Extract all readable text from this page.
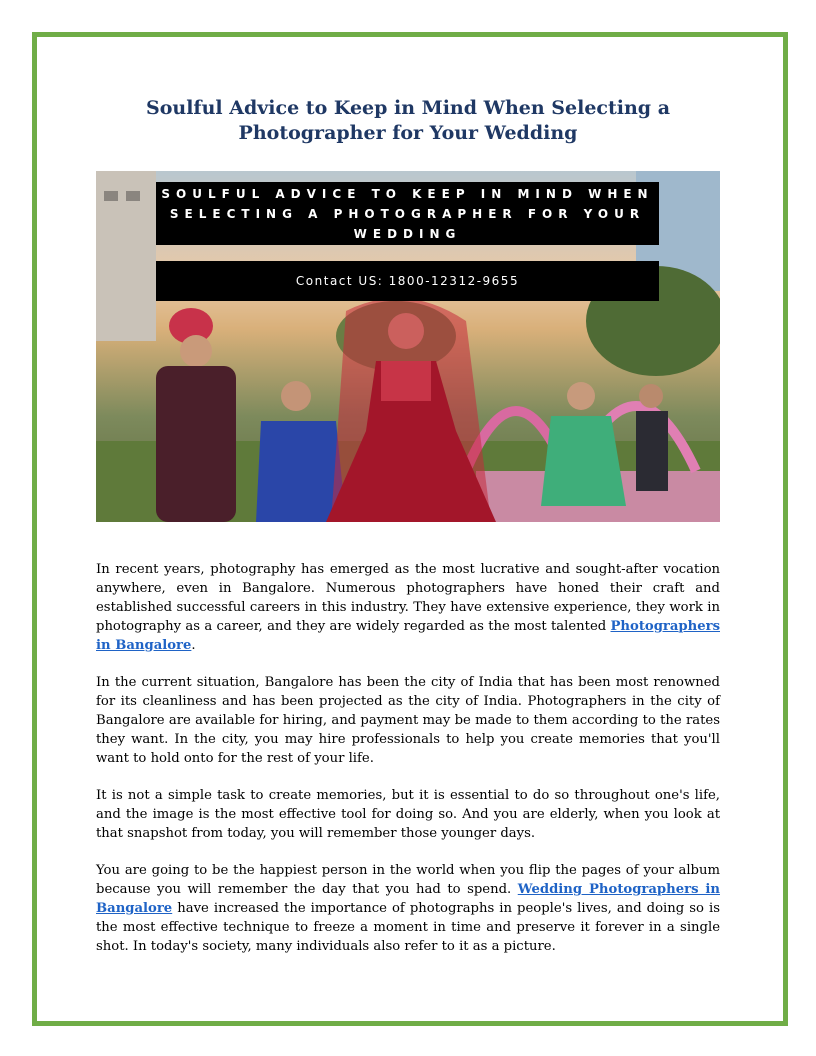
Soulful Advice to Keep in Mind When Selecting a Photographer for Your Wedding
SOULFUL ADVICE TO KEEP IN MIND WHEN SELECTING A PHOTOGRAPHER FOR YOUR WEDDING
Contact US: 1800-12312-9655

In recent years, photography has emerged as the most lucrative and sought-after vocation anywhere, even in Bangalore. Numerous photographers have honed their craft and established successful careers in this industry. They have extensive experience, they work in photography as a career, and they are widely regarded as the most talented Photographers in Bangalore.

In the current situation, Bangalore has been the city of India that has been most renowned for its cleanliness and has been projected as the city of India. Photographers in the city of Bangalore are available for hiring, and payment may be made to them according to the rates they want. In the city, you may hire professionals to help you create memories that you'll want to hold onto for the rest of your life.

It is not a simple task to create memories, but it is essential to do so throughout one's life, and the image is the most effective tool for doing so. And you are elderly, when you look at that snapshot from today, you will remember those younger days.

You are going to be the happiest person in the world when you flip the pages of your album because you will remember the day that you had to spend. Wedding Photographers in Bangalore have increased the importance of photographs in people's lives, and doing so is the most effective technique to freeze a moment in time and preserve it forever in a single shot. In today's society, many individuals also refer to it as a picture.
